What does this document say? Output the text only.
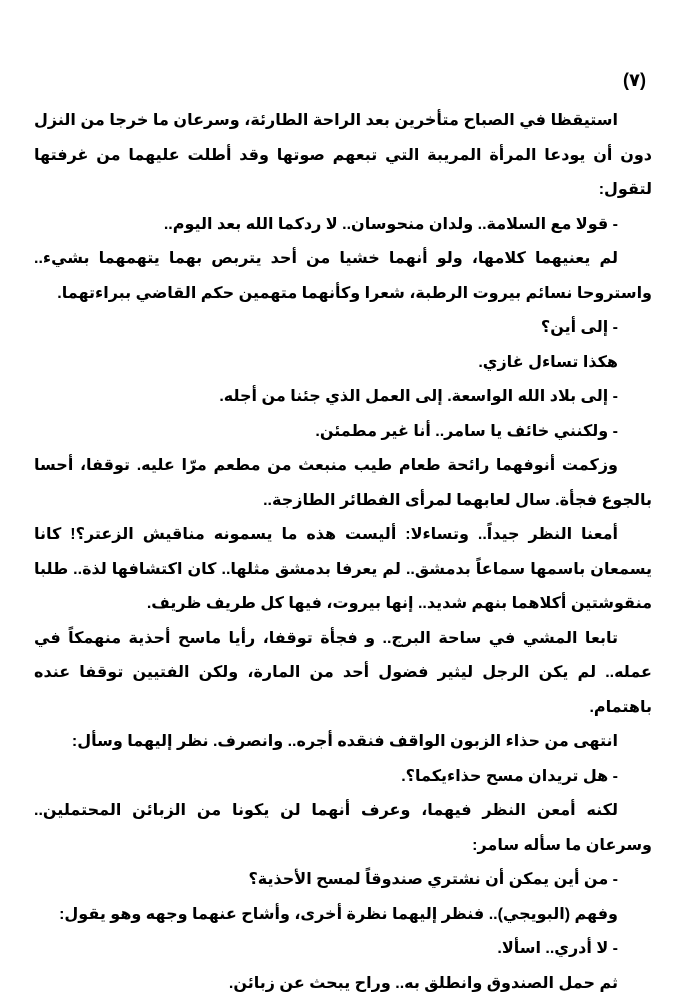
(٧)

استيقظا في الصباح متأخرين بعد الراحة الطارئة، وسرعان ما خرجا من النزل دون أن يودعا المرأة المريبة التي تبعهم صوتها وقد أطلت عليهما من غرفتها لتقول:

- قولا مع السلامة.. ولدان منحوسان.. لا ردكما الله بعد اليوم..

لم يعنيهما كلامها، ولو أنهما خشيا من أحد يتربص بهما يتهمهما بشيء.. واستروحا نسائم بيروت الرطبة، شعرا وكأنهما متهمين حكم القاضي ببراءتهما.

- إلى أين؟

هكذا تساءل غازي.

- إلى بلاد الله الواسعة. إلى العمل الذي جئنا من أجله.

- ولكنني خائف يا سامر.. أنا غير مطمئن.

وزكمت أنوفهما رائحة طعام طيب منبعث من مطعم مرّا عليه. توقفا، أحسا بالجوع فجأة. سال لعابهما لمرأى الفطائر الطازجة..

أمعنا النظر جيداً.. وتساءلا: أليست هذه ما يسمونه مناقيش الزعتر؟! كانا يسمعان باسمها سماعاً بدمشق.. لم يعرفا بدمشق مثلها.. كان اكتشافها لذة.. طلبا منقوشتين أكلاهما بنهم شديد.. إنها بيروت، فيها كل طريف ظريف.

تابعا المشي في ساحة البرج.. و فجأة توقفا، رأيا ماسح أحذية منهمكاً في عمله.. لم يكن الرجل ليثير فضول أحد من المارة، ولكن الفتيين توقفا عنده باهتمام.

انتهى من حذاء الزبون الواقف فنقده أجره.. وانصرف. نظر إليهما وسأل:

- هل تريدان مسح حذاءيكما؟.

لكنه أمعن النظر فيهما، وعرف أنهما لن يكونا من الزبائن المحتملين.. وسرعان ما سأله سامر:

- من أين يمكن أن نشتري صندوقاً لمسح الأحذية؟

وفهم (البويجي).. فنظر إليهما نظرة أخرى، وأشاح عنهما وجهه وهو يقول:

- لا أدري.. اسألا.

ثم حمل الصندوق وانطلق به.. وراح يبحث عن زبائن.
